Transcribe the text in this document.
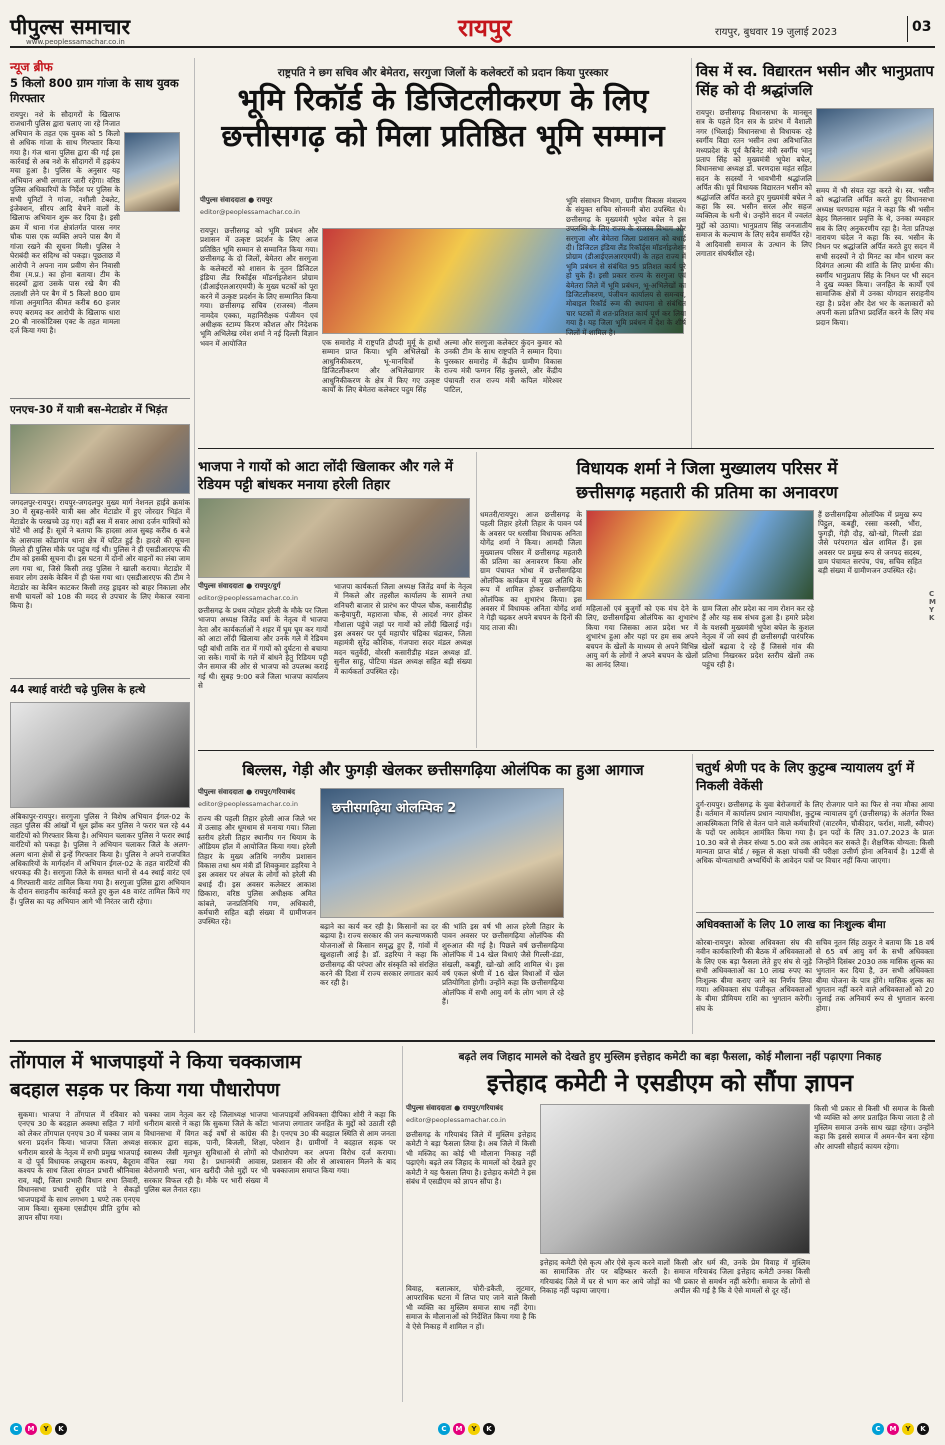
पीपुल्स समाचार
www.peoplessamachar.co.in	रायपुर	रायपुर, बुधवार 19 जुलाई 2023	03
न्यूज ब्रीफ
5 किलो 800 ग्राम गांजा के साथ युवक गिरफ्तार
रायपुर। नशे के सौदागरों के खिलाफ राजधानी पुलिस द्वारा चलाए जा रहे निजात अभियान के तहत एक युवक को 5 किलो से अधिक गांजा के साथ गिरफ्तार किया गया है। गंज थाना पुलिस द्वारा की गई इस कार्रवाई से अब नशे के सौदागरों में हड़कंप मचा हुआ है। पुलिस के अनुसार यह अभियान अभी लगातार जारी रहेगा। वरिष्ठ पुलिस अधिकारियों के निर्देश पर पुलिस के सभी यूनिटों ने गांजा, नशीली टेबलेट, इंजेक्शन, सीरप आदि बेचने वालों के खिलाफ अभियान शुरू कर दिया है। इसी क्रम में थाना गंज क्षेत्रांतर्गत पारस नगर चौक पास एक व्यक्ति अपने पास बैग में गांजा रखने की सूचना मिली। पुलिस ने घेराबंदी कर संदिग्ध को पकड़ा। पूछताछ में आरोपी ने अपना नाम प्रवीण सेन निवासी रीवा (म.प्र.) का होना बताया। टीम के सदस्यों द्वारा उसके पास रखे बैग की तलाशी लेने पर बैग में 5 किलो 800 ग्राम गांजा अनुमानित कीमत करीब 60 हजार रुपए बरामद कर आरोपी के खिलाफ धारा 20 बी नारकोटिक्स एक्ट के तहत मामला दर्ज किया गया है।
एनएच-30 में यात्री बस-मेटाडोर में भिड़ंत
जगदलपुर-रायपुर। रायपुर-जगदलपुर मुख्य मार्ग नेशनल हाईवे क्रमांक 30 में सुबह-सवेरे यात्री बस और मेटाडोर में हुए जोरदार भिड़ंत में मेटाडोर के परखच्चे उड़ गए। वहीं बस में सवार आधा दर्जन यात्रियों को चोटें भी आई हैं। सूत्रों ने बताया कि हादसा आज सुबह करीब 6 बजे के आसपास कोंडागांव थाना क्षेत्र में घटित हुई है। हादसे की सूचना मिलते ही पुलिस मौके पर पहुंच गई थी। पुलिस ने ही एसडीआरएफ की टीम को इसकी सूचना दी। इस घटना में दोनों ओर वाहनों का लंबा जाम लग गया था, जिसे किसी तरह पुलिस ने खाली कराया। मेटाडोर में सवार लोग उसके केबिन में ही फंस गया था। एसडीआरएफ की टीम ने मेटाडोर का केबिन काटकर किसी तरह ड्राइवर को बाहर निकाला और सभी घायलों को 108 की मदद से उपचार के लिए मेकाज रवाना किया है।
44 स्थाई वारंटी चढ़े पुलिस के हत्थे
अंबिकापुर-रायपुर। सरगुजा पुलिस ने विशेष अभियान ईगल-02 के तहत पुलिस की आंखों में धूल झोंक कर पुलिस ने फरार चल रहे 44 वारंटियों को गिरफ्तार किया है। अभियान चलाकर पुलिस ने फरार स्थाई वारंटियों को पकड़ा है। पुलिस ने अभियान चलाकर जिले के अलग-अलग थाना क्षेत्रों से इन्हें गिरफ्तार किया है। पुलिस ने अपने राजपत्रित अधिकारियों के मार्गदर्शन में अभियान ईगल-02 के तहत वारंटियों की धरपकड़ की है। सरगुजा जिले के समस्त थानों से 44 स्थाई वारंट एवं 4 गिरफ्तारी वारंट तामिल किया गया है। सरगुजा पुलिस द्वारा अभियान के दौरान सराहनीय कार्रवाई करते हुए कुल 48 वारंट तामिल किये गए हैं। पुलिस का यह अभियान आगे भी निरंतर जारी रहेगा।
राष्ट्रपति ने छग सचिव और बेमेतरा, सरगुजा जिलों के कलेक्टरों को प्रदान किया पुरस्कार
भूमि रिकॉर्ड के डिजिटलीकरण के लिए
छत्तीसगढ़ को मिला प्रतिष्ठित भूमि सम्मान
पीपुल्स संवाददाता ● रायपुर
editor@peoplessamachar.co.in
रायपुर। छत्तीसगढ़ को भूमि प्रबंधन और प्रशासन में उत्कृष्ट प्रदर्शन के लिए आज प्रतिष्ठित भूमि सम्मान से सम्मानित किया गया। छत्तीसगढ़ के दो जिलों, बेमेतरा और सरगुजा के कलेक्टरों को शासन के नूतन डिजिटल इंडिया लैंड रिकॉर्ड्स मॉडर्नाइजेशन प्रोग्राम (डीआईएलआरएमपी) के मुख्य घटकों को पूरा करने में उत्कृष्ट प्रदर्शन के लिए सम्मानित किया गया। छत्तीसगढ़ सचिव (राजस्व) नीलम नामदेव एक्का, महानिरीक्षक पंजीयन एवं अधीक्षक स्टाम्प किरण कौशल और निदेशक भूमि अभिलेख रमेश शर्मा ने नई दिल्ली विज्ञान भवन में आयोजित	एक समारोह में राष्ट्रपति द्रौपदी मुर्मू के हाथों सम्मान प्राप्त किया। भूमि अभिलेखों के आधुनिकीकरण, भू-मानचित्रों के डिजिटलीकरण और अभिलेखागार के आधुनिकीकरण के क्षेत्र में किए गए उत्कृष्ट कार्यों के लिए बेमेतरा कलेक्टर पदुम सिंह
अल्मा और सरगुजा कलेक्टर कुंदन कुमार को उनकी टीम के साथ राष्ट्रपति ने सम्मान दिया। पुरस्कार समारोह में केंद्रीय ग्रामीण विकास राज्य मंत्री फग्गन सिंह कुलस्ते, और केंद्रीय पंचायती राज राज्य मंत्री कपिल मोरेश्वर पाटिल,
भूमि संसाधन विभाग, ग्रामीण विकास मंत्रालय के संयुक्त सचिव सोनमनी बोरा उपस्थित थे। छत्तीसगढ़ के मुख्यमंत्री भूपेश बघेल ने इस उपलब्धि के लिए राज्य के राजस्व विभाग और सरगुजा और बेमेतरा जिला प्रशासन को बधाई दी। डिजिटल इंडिया लैंड रिकॉर्ड्स मॉडर्नाइजेशन प्रोग्राम (डीआईएलआरएमपी) के तहत राज्य में भूमि प्रबंधन से संबंधित 95 प्रतिशत कार्य पूरे हो चुके हैं। इसी प्रकार राज्य के सरगुजा एवं बेमेतरा जिले में भूमि प्रबंधन, भू-अभिलेखों का डिजिटलीकरण, पंजीयन कार्यालय से समन्वय, मोबाइल रिकॉर्ड रूम की स्थापना से संबंधित चार घटकों में शत-प्रतिशत कार्य पूर्ण कर लिया गया है। यह जिला भूमि प्रबंधन में देश के शीर्ष जिलों में शामिल है।
विस में स्व. विद्यारतन भसीन और भानुप्रताप सिंह को दी श्रद्धांजलि
रायपुर। छत्तीसगढ़ विधानसभा के मानसून सत्र के पहले दिन सत्र के प्रारंभ में वैशाली नगर (भिलाई) विधानसभा से विधायक रहे स्वर्गीय विद्या रतन भसीन तथा अविभाजित मध्यप्रदेश के पूर्व कैबिनेट मंत्री स्वर्गीय भानु प्रताप सिंह को मुख्यमंत्री भूपेश बघेल, विधानसभा अध्यक्ष डॉ. चरणदास महंत सहित सदन के सदस्यों ने भावभीनी श्रद्धांजलि अर्पित की। पूर्व विधायक विद्यारतन भसीन को श्रद्धांजलि अर्पित करते हुए मुख्यमंत्री बघेल ने कहा कि स्व. भसीन सरल और सहज व्यक्तित्व के धनी थे। उन्होंने सदन में ज्वलंत मुद्दों को उठाया। भानुप्रताप सिंह जनजातीय समाज के कल्याण के लिए सदैव समर्पित रहे। वे आदिवासी समाज के उत्थान के लिए लगातार संघर्षशील रहे।
समय में भी संयत रहा करते थे। स्व. भसीन को श्रद्धांजलि अर्पित करते हुए विधानसभा अध्यक्ष चरणदास महंत ने कहा कि श्री भसीन बेहद मिलनसार प्रवृत्ति के थे, उनका व्यवहार सब के लिए अनुकरणीय रहा है। नेता प्रतिपक्ष नारायण चंदेल ने कहा कि स्व. भसीन के निधन पर श्रद्धांजलि अर्पित करते हुए सदन में सभी सदस्यों ने दो मिनट का मौन धारण कर दिवंगत आत्मा की शांति के लिए प्रार्थना की। स्वर्गीय भानुप्रताप सिंह के निधन पर भी सदन ने दुख व्यक्त किया। जनहित के कार्यों एवं सामाजिक क्षेत्रों में उनका योगदान सराहनीय रहा है। प्रदेश और देश भर के कलाकारों को अपनी कला प्रतिभा प्रदर्शित करने के लिए मंच प्रदान किया।
भाजपा ने गायों को आटा लोंदी खिलाकर और गले में रेडियम पट्टी बांधकर मनाया हरेली तिहार
पीपुल्स संवाददाता ● रायपुर/दुर्ग
editor@peoplessamachar.co.in
छत्तीसगढ़ के प्रथम त्योहार हरेली के मौके पर जिला भाजपा अध्यक्ष जितेंद्र वर्मा के नेतृत्व में भाजपा नेता और कार्यकर्ताओं ने शहर में घूम घूम कर गायों को आटा लोंदी खिलाया और उनके गले में रेडियम पट्टी बांधी ताकि रात में गायों को दुर्घटना से बचाया जा सके। गायों के गले में बांधने हेतु रिडियम पट्टी जैन समाज की ओर से भाजपा को उपलब्ध कराई गई थी। सुबह 9:00 बजे जिला भाजपा कार्यालय से
भाजपा कार्यकर्ता जिला अध्यक्ष जितेंद्र वर्मा के नेतृत्व में निकले और तहसील कार्यालय के सामने तथा शनिचरी बाजार से प्रारंभ कर पीपल चौक, कसारीडीह कन्हैयापुरी, महाराजा चौक, से आदर्श नगर होकर गौशाला पहुंचे जहां पर गायों को लोंदी खिलाई गई। इस अवसर पर पूर्व महापौर चंद्रिका चंद्राकर, जिला महामंत्री सुरेंद्र कौशिक, गंजपारा सदर मंडल अध्यक्ष मदन चतुर्वेदी, वोरसी कसारीडीह मंडल अध्यक्ष डॉ. सुनील साहू, पोटिया मंडल अध्यक्ष सहित बड़ी संख्या में कार्यकर्ता उपस्थित रहे।
विधायक शर्मा ने जिला मुख्यालय परिसर में
छत्तीसगढ़ महतारी की प्रतिमा का अनावरण
धमतरी/रायपुर। आज छत्तीसगढ़ के पहली तिहार हरेली तिहार के पावन पर्व के अवसर पर धरसीवा विधायक अनिता योगेंद्र शर्मा ने किया। आमदी जिला मुख्यालय परिसर में छत्तीसगढ़ महतारी की प्रतिमा का अनावरण किया और ग्राम पंचायत भोथा में छत्तीसगढ़िया ओलंपिक कार्यक्रम में मुख्य अतिथि के रूप में शामिल होकर छत्तीसगढ़िया ओलंपिक का शुभारंभ किया। इस अवसर में विधायक अनिता योगेंद्र शर्मा ने गेड़ी चढ़कर अपने बचपन के दिनों की याद ताजा की।
महिलाओं एवं बुजुर्गों को एक मंच देने के लिए, छत्तीसगढ़िया ओलंपिक का शुभारंभ किया गया जिसका आज प्रदेश भर में शुभारंभ हुआ और यहां पर हम सब अपने बचपन के खेलों के माध्यम से अपने विभिन्न आयु वर्ग के लोगों ने अपने बचपन के खेलों का आनंद लिया।
ग्राम जिला और प्रदेश का नाम रोशन कर रहे हैं और यह सब संभव हुआ है। हमारे प्रदेश के यशस्वी मुख्यमंत्री भूपेश बघेल के कुशल नेतृत्व में जो स्वयं ही छत्तीसगढ़ी पारंपरिक खेलों बढ़ावा दे रहे हैं जिससे गांव की प्रतिभा निखरकर प्रदेश स्तरीय खेलों तक पहुंच रही है।
हैं छत्तीसगढ़िया ओलंपिक में प्रमुख रूप पिट्ठुल, कबड्डी, रस्सा कस्सी, भौंरा, फुगड़ी, गेड़ी दौड़, खो-खो, गिल्ली डंडा जैसे परंपरागत खेल शामिल हैं। इस अवसर पर प्रमुख रूप से जनपद सदस्य, ग्राम पंचायत सरपंच, पंच, सचिव सहित बड़ी संख्या में ग्रामीणजन उपस्थित रहे।
बिल्लस, गेड़ी और फुगड़ी खेलकर छत्तीसगढ़िया ओलंपिक का हुआ आगाज
पीपुल्स संवाददाता ● रायपुर/गरियाबंद
editor@peoplessamachar.co.in
राज्य की पहली तिहार हरेली आज जिले भर में उत्साह और धूमधाम से मनाया गया। जिला स्तरीय हरेली तिहार स्थानीय गन थियाम के ऑडियम हॉल में आयोजित किया गया। हरेली तिहार के मुख्य अतिथि नगरीय प्रशासन विकास तथा श्रम मंत्री डॉ शिवकुमार डहरिया ने इस अवसर पर अंचल के लोगों को हरेली की बधाई दी। इस अवसर कलेक्टर आकाश छिकारा, वरिष्ठ पुलिस अधीक्षक अमित कांबले, जनप्रतिनिधि गण, अधिकारी, कर्मचारी सहित बड़ी संख्या में ग्रामीणजन उपस्थित रहे।
छत्तीसगढ़िया ओलम्पिक 2
बढ़ाने का कार्य कर रही है। किसानों का दर बढ़ाया है। राज्य सरकार की जन कल्याणकारी योजनाओं से किसान समृद्ध हुए हैं, गांवों में खुशहाली आई है। डॉ. डहरिया ने कहा कि छत्तीसगढ़ की परंपरा और संस्कृति को संरक्षित करने की दिशा में राज्य सरकार लगातार कार्य कर रही है।
की भांति इस वर्ष भी आज हरेली तिहार के पावन अवसर पर छत्तीसगढ़िया ओलंपिक की शुरुआत की गई है। पिछले वर्ष छत्तीसगढ़िया ओलंपिक में 14 खेल विधाएं जैसे गिल्ली-डंडा, संखली, कबड्डी, खो-खो आदि शामिल थे। इस वर्ष एकल श्रेणी में 16 खेल विधाओं में खेल प्रतियोगिता होगी। उन्होंने कहा कि छत्तीसगढ़िया ओलंपिक में सभी आयु वर्ग के लोग भाग ले रहे हैं।
चतुर्थ श्रेणी पद के लिए कुटुम्ब न्यायालय दुर्ग में निकली वेकेंसी
दुर्ग-रायपुर। छत्तीसगढ़ के युवा बेरोजगारों के लिए रोजगार पाने का फिर से नया मौका आया है। वर्तमान में कार्यालय प्रधान न्यायाधीश, कुटुम्ब न्यायालय दुर्ग (छत्तीसगढ़) के अंतर्गत रिक्त आकस्मिकता निधि से वेतन पाने वाले कर्मचारियों (वाटरमैन, चौकीदार, फर्राश, माली, स्वीपर) के पदों पर आवेदन आमंत्रित किया गया है। इन पदों के लिए 31.07.2023 के प्रातः 10.30 बजे से लेकर संध्या 5.00 बजे तक आवेदन कर सकते हैं। शैक्षणिक योग्यता: किसी मान्यता प्राप्त बोर्ड / स्कूल से कक्षा पांचवी की परीक्षा उत्तीर्ण होना अनिवार्य है। 12वीं से अधिक योग्यताधारी अभ्यर्थियों के आवेदन पत्रों पर विचार नहीं किया जाएगा।
अधिवक्ताओं के लिए 10 लाख का निःशुल्क बीमा
कोरबा-रायपुर। कोरबा अधिवक्ता संघ की नवीन कार्यकारिणी की बैठक में अधिवक्ताओं के लिए एक बड़ा फैसला लेते हुए संघ से जुड़े सभी अधिवक्ताओं का 10 लाख रुपए का निःशुल्क बीमा कराए जाने का निर्णय लिया गया। अधिवक्ता संघ पंजीकृत अधिवक्ताओं के बीमा प्रीमियम राशि का भुगतान करेगी। संघ के
सचिव नूतन सिंह ठाकुर ने बताया कि 18 वर्ष से 65 वर्ष आयु वर्ग के सभी अधिवक्ता जिन्होंने दिसंबर 2030 तक मासिक शुल्क का भुगतान कर दिया है, उन सभी अधिवक्ता बीमा योजना के पात्र होंगे। मासिक शुल्क का भुगतान नहीं करने वाले अधिवक्ताओं को 20 जुलाई तक अनिवार्य रूप से भुगतान करना होगा।
तोंगपाल में भाजपाइयों ने किया चक्काजाम
बदहाल सड़क पर किया गया पौधारोपण
सुकमा। भाजपा ने तोंगपाल में रविवार को एनएच 30 के बदहाल अवस्था सहित 7 मांगों को लेकर तोंगपाल एनएच 30 में चक्का जाम व धरना प्रदर्शन किया। भाजपा जिला अध्यक्ष धनीराम बारसे के नेतृत्व में सभी प्रमुख भाजपाई व दो पूर्व विधायक लच्छूराम कश्यप, बैदूराम कश्यप के साथ जिला संगठन प्रभारी श्रीनिवास राव, मद्दी, जिला प्रभारी विधान सभा तिवारी, विधानसभा प्रभारी सुधीर पांडे ने सैकड़ों भाजपाइयों के साथ लगभग 1 घण्टे तक एनएच जाम किया। सुकमा एसडीएम प्रीति दुर्गम को ज्ञापन सौंपा गया।
चक्का जाम नेतृत्व कर रहे जिलाध्यक्ष भाजपा धनीराम बारसे ने कहा कि सुकमा जिले के कोंटा विधानसभा में विगत कई वर्षों से कांग्रेस की सरकार द्वारा सड़क, पानी, बिजली, शिक्षा, स्वास्थ्य जैसी मूलभूत सुविधाओं से लोगों को वंचित रखा गया है। प्रधानमंत्री आवास, बेरोजगारी भत्ता, धान खरीदी जैसे मुद्दों पर भी सरकार विफल रही है। मौके पर भारी संख्या में पुलिस बल तैनात रहा।
भाजपाइयों अधिवक्ता दीपिका शोरी ने कहा कि भाजपा लगातार जनहित के मुद्दों को उठाती रही है। एनएच 30 की बदहाल स्थिति से आम जनता परेशान है। ग्रामीणों ने बदहाल सड़क पर पौधारोपण कर अपना विरोध दर्ज कराया। प्रशासन की ओर से आश्वासन मिलने के बाद चक्काजाम समाप्त किया गया।
बढ़ते लव जिहाद मामले को देखते हुए मुस्लिम इत्तेहाद कमेटी का बड़ा फैसला, कोई मौलाना नहीं पढ़ाएगा निकाह
इत्तेहाद कमेटी ने एसडीएम को सौंपा ज्ञापन
पीपुल्स संवाददाता ● रायपुर/गरियाबंद
editor@peoplessamachar.co.in
छत्तीसगढ़ के गरियाबंद जिले में मुस्लिम इत्तेहाद कमेटी ने बड़ा फैसला लिया है। अब जिले में किसी भी मस्जिद का कोई भी मौलाना निकाह नहीं पढ़ाएंगे। बढ़ते लव जिहाद के मामलों को देखते हुए कमेटी ने यह फैसला लिया है। इत्तेहाद कमेटी ने इस संबंध में एसडीएम को ज्ञापन सौंपा है।
इत्तेहाद कमेटी ऐसे कृत्य और ऐसे कृत्य करने वालों का सामाजिक तौर पर बहिष्कार करती है। गरियाबंद जिले में घर से भाग कर आये जोड़ों का निकाह नहीं पढ़ाया जाएगा।
किसी और धर्म की, उनके प्रेम विवाह में मुस्लिम समाज गरियाबंद जिला इत्तेहाद कमेटी उनका किसी भी प्रकार से समर्थन नहीं करेगी। समाज के लोगों से अपील की गई है कि वे ऐसे मामलों से दूर रहें।
विवाह, बलात्कार, चोरी-डकैती, लूटमार, आपराधिक घटना में लिप्त पाए जाने वाले किसी भी व्यक्ति का मुस्लिम समाज साथ नहीं देगा। समाज के मौलानाओं को निर्देशित किया गया है कि वे ऐसे निकाह में शामिल न हों।
किसी भी प्रकार से किसी भी समाज के किसी भी व्यक्ति को अगर प्रताड़ित किया जाता है तो मुस्लिम समाज उनके साथ खड़ा रहेगा। उन्होंने कहा कि इससे समाज में अमन-चैन बना रहेगा और आपसी सौहार्द कायम रहेगा।
CMYK
C M Y K	C M Y K	C M Y K
